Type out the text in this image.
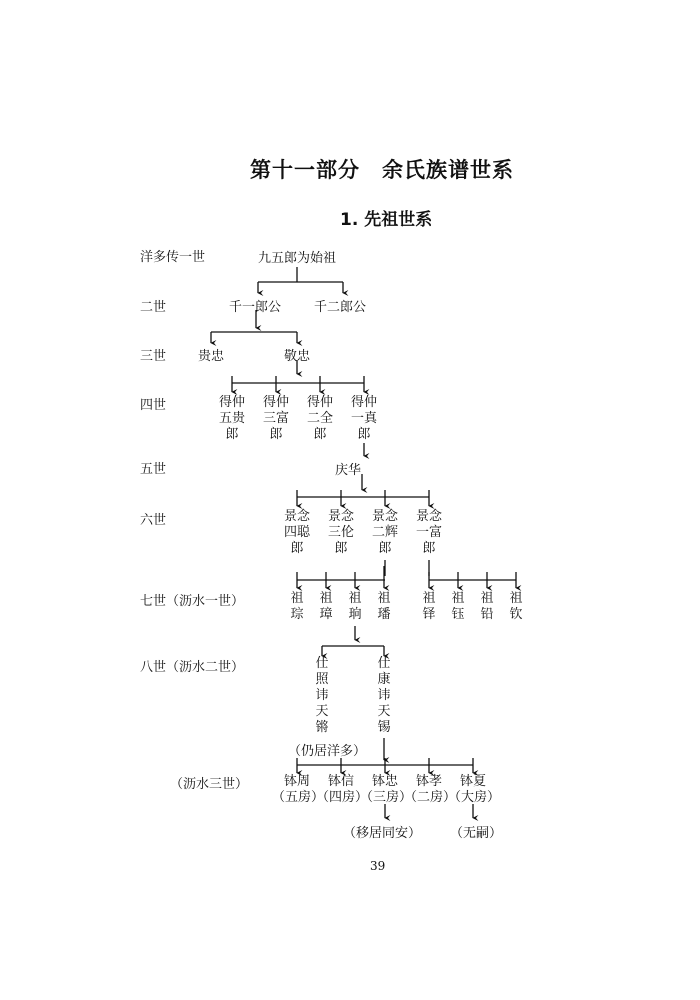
第十一部分　余氏族谱世系
1. 先祖世系
洋多传一世
二世
三世
四世
五世
六世
七世（沥水一世）
八世（沥水二世）
（沥水三世）
九五郎为始祖
千一郎公	千二郎公
贵忠	敬忠
得仲五贵郎
得仲三富郎
得仲二全郎
得仲一真郎
庆华
景念四聪郎
景念三伦郎
景念二辉郎
景念一富郎
祖琮
祖璋
祖珦
祖璠
祖铎
祖钰
祖铅
祖钦
仕照讳天锵
仕康讳天锡
（仍居洋多）
钵周
（五房）
钵信
（四房）
钵忠
（三房）
钵孝
（二房）
钵夏
（大房）
（移居同安） （无嗣）
39
